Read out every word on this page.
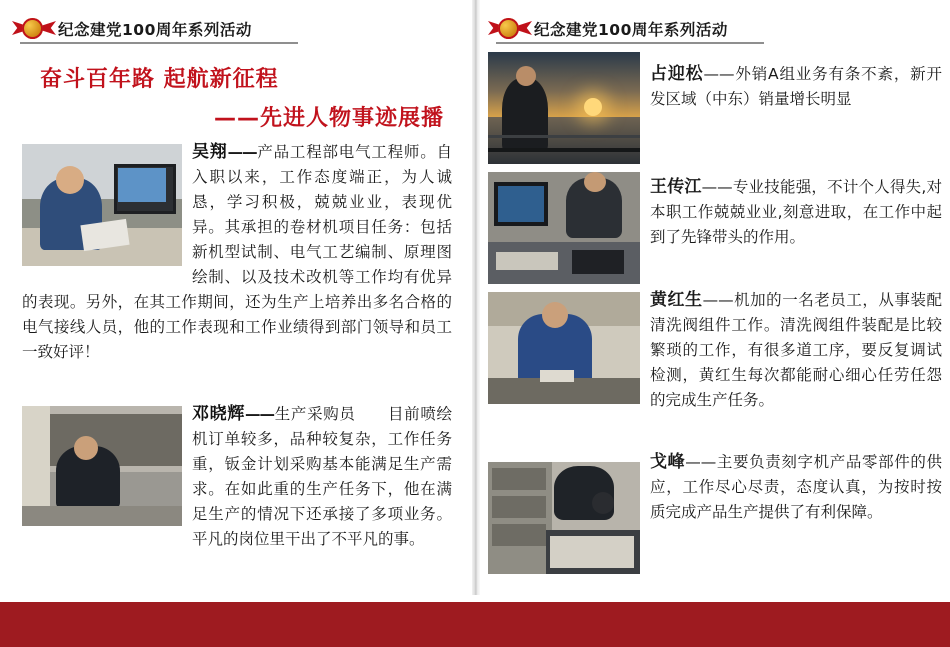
纪念建党100周年系列活动
奋斗百年路 起航新征程
——先进人物事迹展播
吴翔——产品工程部电气工程师。自入职以来，工作态度端正，为人诚恳，学习积极，兢兢业业，表现优异。其承担的卷材机项目任务：包括新机型试制、电气工艺编制、原理图绘制、以及技术改机等工作均有优异的表现。另外，在其工作期间，还为生产上培养出多名合格的电气接线人员，他的工作表现和工作业绩得到部门领导和员工一致好评！
邓晓辉——生产采购员　　目前喷绘机订单较多，品种较复杂，工作任务重，钣金计划采购基本能满足生产需求。在如此重的生产任务下，他在满足生产的情况下还承接了多项业务。平凡的岗位里干出了不平凡的事。
纪念建党100周年系列活动
占迎松——外销A组业务有条不紊，新开发区域（中东）销量增长明显
王传江——专业技能强，不计个人得失,对本职工作兢兢业业,刻意进取，在工作中起到了先锋带头的作用。
黄红生——机加的一名老员工，从事装配清洗阀组件工作。清洗阀组件装配是比较繁琐的工作，有很多道工序，要反复调试检测，黄红生每次都能耐心细心任劳任怨的完成生产任务。
戈峰——主要负责刻字机产品零部件的供应，工作尽心尽责，态度认真，为按时按质完成产品生产提供了有利保障。
